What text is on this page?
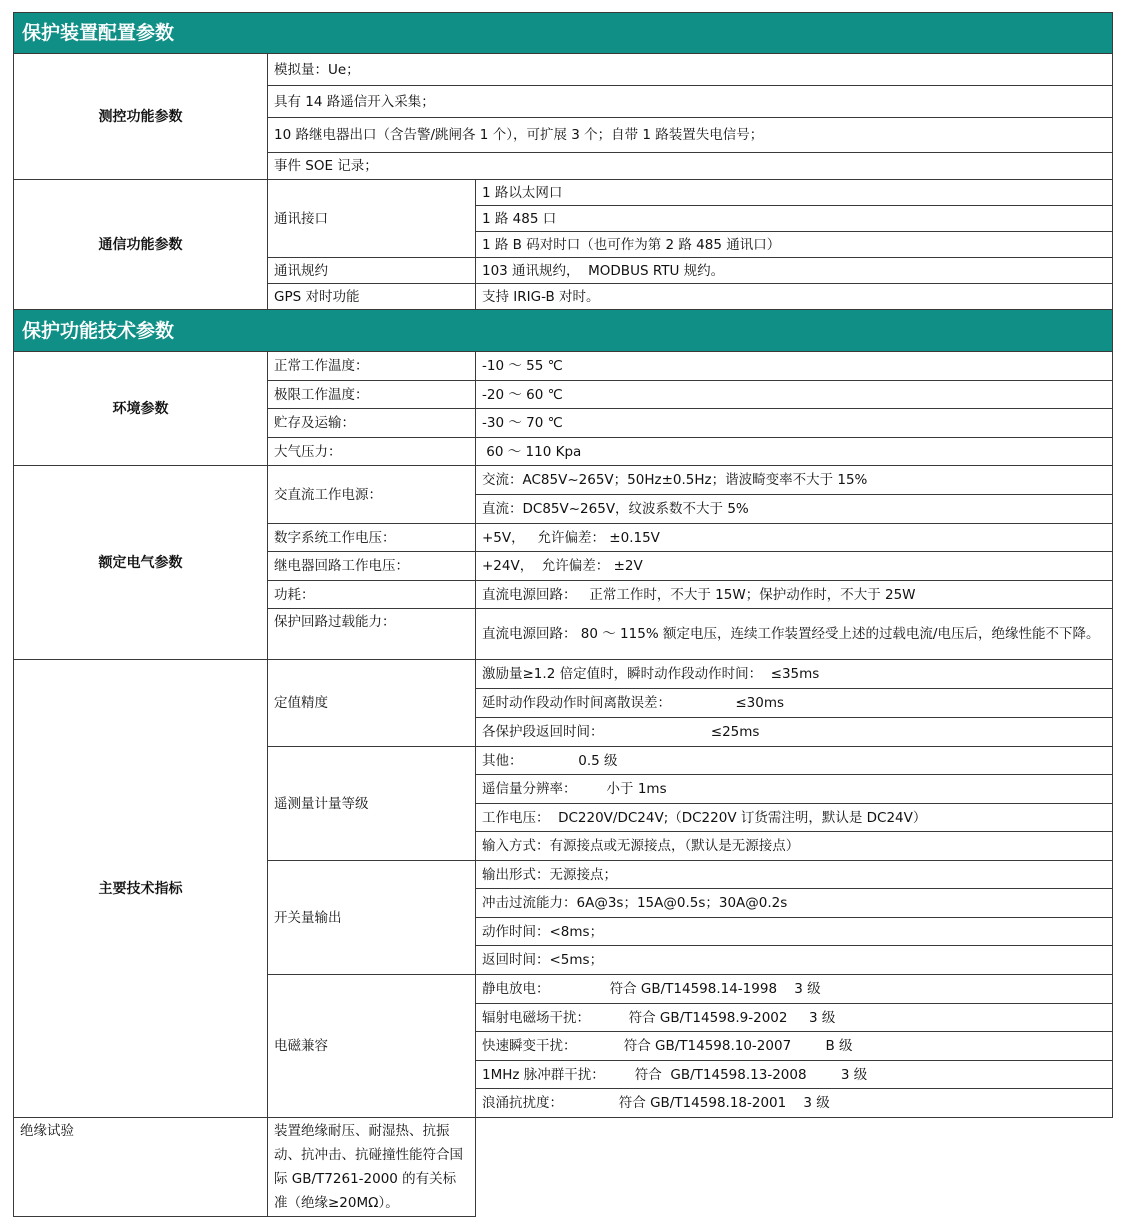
保护装置配置参数		
测控功能参数	模拟量：Ue；	
	具有 14 路遥信开入采集；	
	10 路继电器出口（含告警/跳闸各 1 个），可扩展 3 个；自带 1 路装置失电信号；	
	事件 SOE 记录；	
通信功能参数	通讯接口	1 路以太网口
		1 路 485 口
		1 路 B 码对时口（也可作为第 2 路 485 通讯口）
	通讯规约	103 通讯规约，  MODBUS RTU 规约。
	GPS 对时功能	支持 IRIG-B 对时。
保护功能技术参数		
环境参数	正常工作温度：	-10 ～ 55 ℃
	极限工作温度：	-20 ～ 60 ℃
	贮存及运输：	-30 ～ 70 ℃
	大气压力：	60 ～ 110 Kpa
额定电气参数	交直流工作电源：	交流：AC85V~265V；50Hz±0.5Hz；谐波畸变率不大于 15%
		直流：DC85V~265V，纹波系数不大于 5%
	数字系统工作电压：	+5V，   允许偏差： ±0.15V
	继电器回路工作电压：	+24V，  允许偏差： ±2V
	功耗：	直流电源回路：   正常工作时，不大于 15W；保护动作时，不大于 25W
	保护回路过载能力：	直流电源回路： 80 ～ 115% 额定电压，连续工作装置经受上述的过载电流/电压后，绝缘性能不下降。
主要技术指标	定值精度	激励量≥1.2 倍定值时，瞬时动作段动作时间：  ≤35ms
		延时动作段动作时间离散误差：               ≤30ms
		各保护段返回时间：                         ≤25ms
	遥测量计量等级	其他：             0.5 级
		遥信量分辨率：       小于 1ms
		工作电压：  DC220V/DC24V;（DC220V 订货需注明，默认是 DC24V）
		输入方式：有源接点或无源接点，（默认是无源接点）
	开关量输出	输出形式：无源接点；
		冲击过流能力：6A@3s；15A@0.5s；30A@0.2s
		动作时间：<8ms；
		返回时间：<5ms；
	电磁兼容	静电放电：              符合 GB/T14598.14-1998    3 级
		辐射电磁场干扰：         符合 GB/T14598.9-2002     3 级
		快速瞬变干扰：           符合 GB/T14598.10-2007        B 级
		1MHz 脉冲群干扰：       符合  GB/T14598.13-2008        3 级
		浪涌抗扰度：             符合 GB/T14598.18-2001    3 级
绝缘试验	装置绝缘耐压、耐湿热、抗振动、抗冲击、抗碰撞性能符合国际 GB/T7261-2000 的有关标准（绝缘≥20MΩ）。	
